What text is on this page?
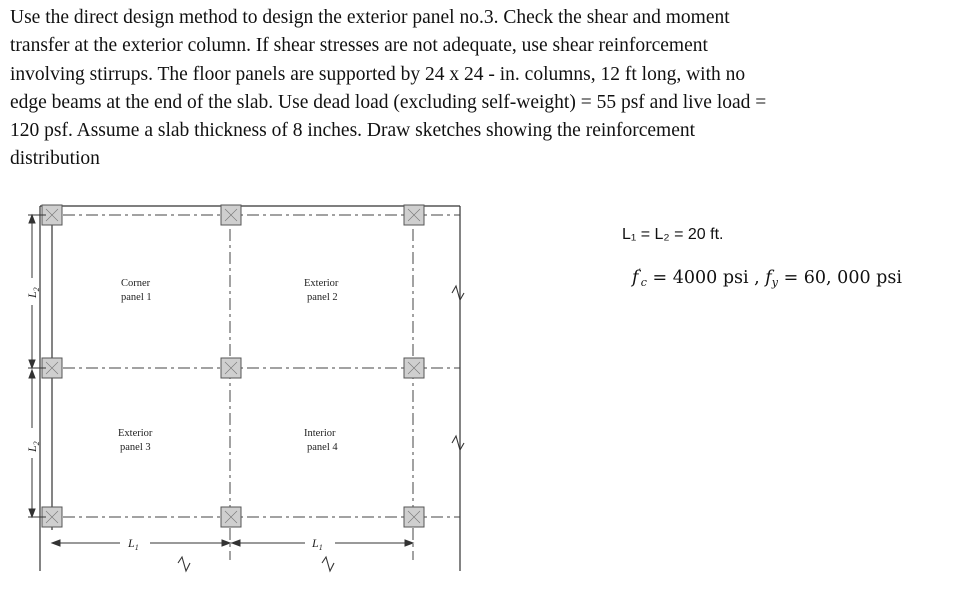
Use the direct design method to design the exterior panel no.3. Check the shear and moment
transfer at the exterior column. If shear stresses are not adequate, use shear reinforcement
involving stirrups. The floor panels are supported by 24 x 24 - in. columns, 12 ft long, with no
edge beams at the end of the slab. Use dead load (excluding self-weight) = 55 psf and live load =
120 psf. Assume a slab thickness of 8 inches. Draw sketches showing the reinforcement
distribution
$L_1$	$L_1$
$L_2$
$L_2$
Corner
panel 1
Exterior
panel 2
Exterior
panel 3
Interior
panel 4
L₁ = L₂ = 20 ft.
$f'_c = 4000$ psi , $f_y = 60$, 000 psi
